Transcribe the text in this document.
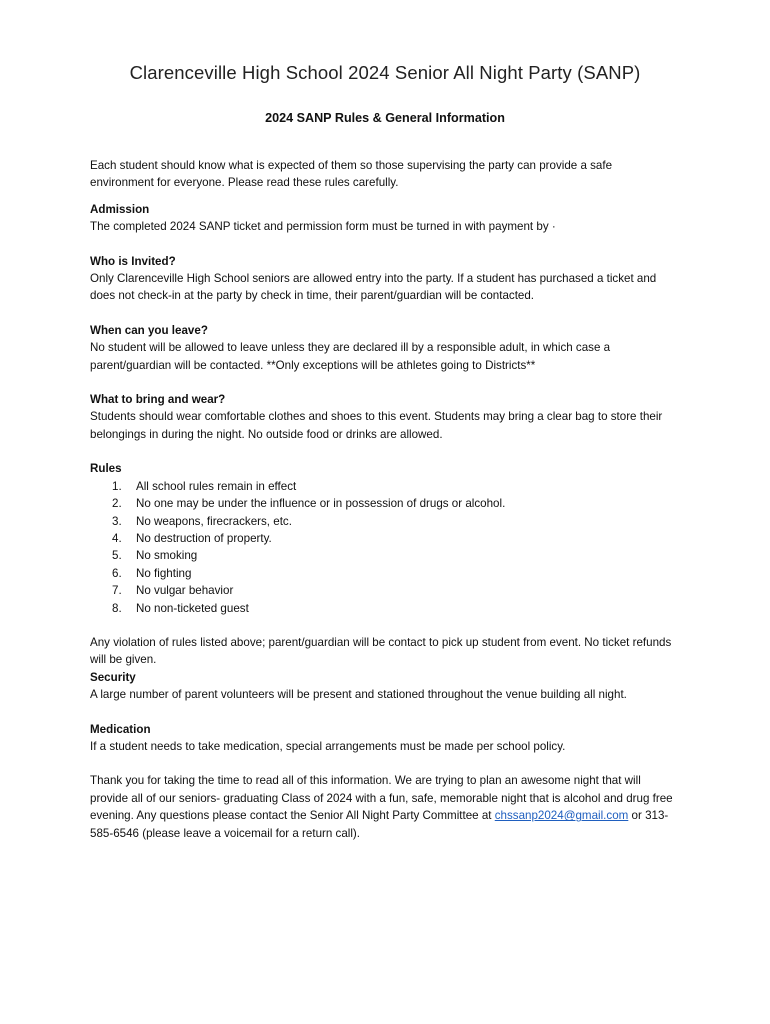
Clarenceville High School 2024 Senior All Night Party (SANP)
2024 SANP Rules & General Information

Each student should know what is expected of them so those supervising the party can provide a safe environment for everyone. Please read these rules carefully.

Admission

The completed 2024 SANP ticket and permission form must be turned in with payment by ·

Who is Invited?

Only Clarenceville High School seniors are allowed entry into the party. If a student has purchased a ticket and does not check-in at the party by check in time, their parent/guardian will be contacted.

When can you leave?

No student will be allowed to leave unless they are declared ill by a responsible adult, in which case a parent/guardian will be contacted. **Only exceptions will be athletes going to Districts**

What to bring and wear?

Students should wear comfortable clothes and shoes to this event. Students may bring a clear bag to store their belongings in during the night. No outside food or drinks are allowed.

Rules
1. All school rules remain in effect
2. No one may be under the influence or in possession of drugs or alcohol.
3. No weapons, firecrackers, etc.
4. No destruction of property.
5. No smoking
6. No fighting
7. No vulgar behavior
8. No non-ticketed guest

Any violation of rules listed above; parent/guardian will be contact to pick up student from event. No ticket refunds will be given.

Security

A large number of parent volunteers will be present and stationed throughout the venue building all night.

Medication

If a student needs to take medication, special arrangements must be made per school policy.

Thank you for taking the time to read all of this information. We are trying to plan an awesome night that will provide all of our seniors- graduating Class of 2024 with a fun, safe, memorable night that is alcohol and drug free evening. Any questions please contact the Senior All Night Party Committee at chssanp2024@gmail.com or 313-585-6546 (please leave a voicemail for a return call).
